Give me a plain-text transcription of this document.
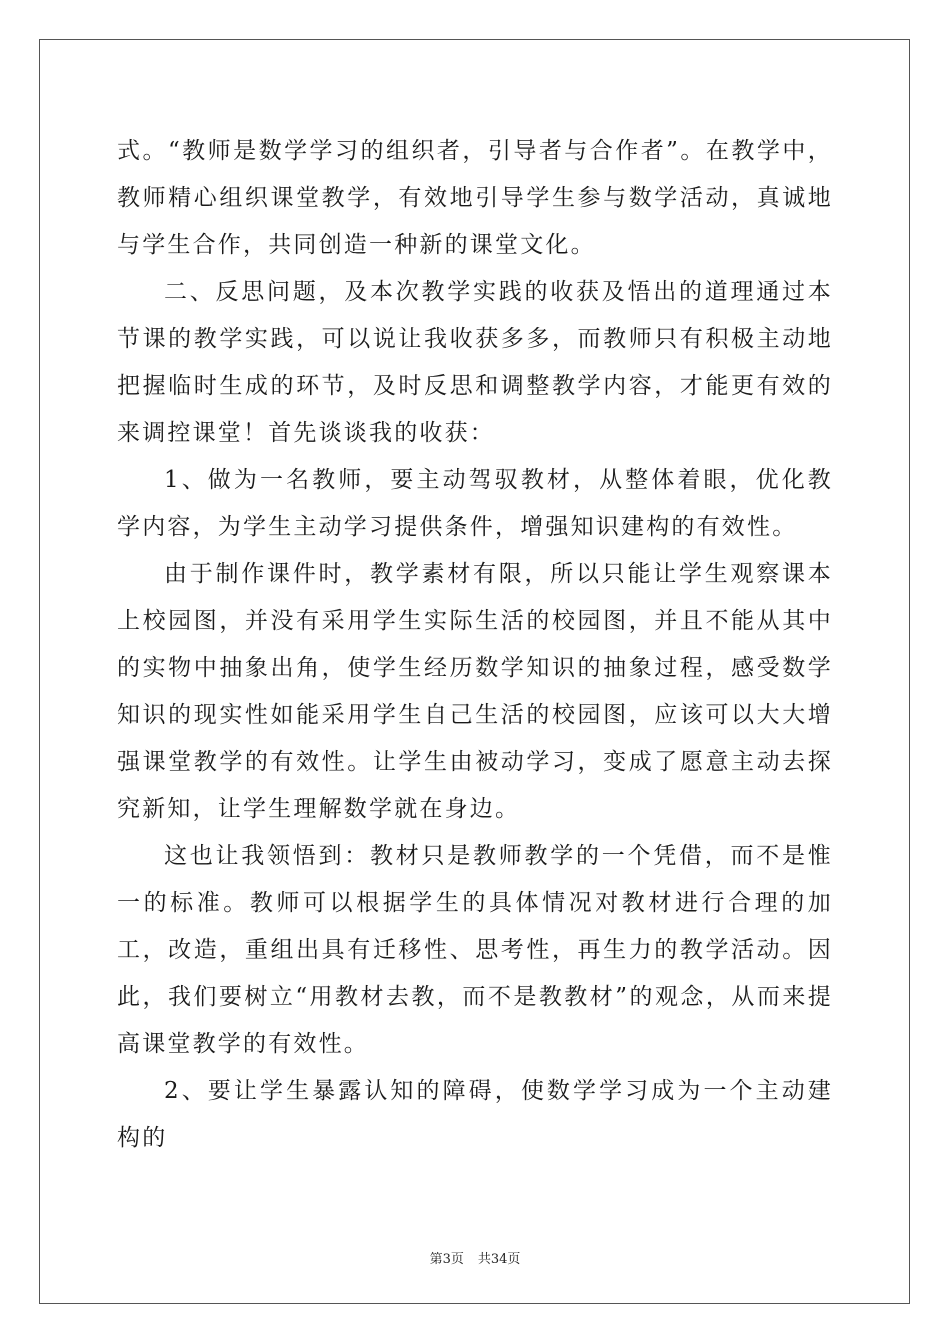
式。“教师是数学学习的组织者，引导者与合作者”。在教学中，教师精心组织课堂教学，有效地引导学生参与数学活动，真诚地与学生合作，共同创造一种新的课堂文化。

二、反思问题，及本次教学实践的收获及悟出的道理通过本节课的教学实践，可以说让我收获多多，而教师只有积极主动地把握临时生成的环节，及时反思和调整教学内容，才能更有效的来调控课堂！首先谈谈我的收获：

1、做为一名教师，要主动驾驭教材，从整体着眼，优化教学内容，为学生主动学习提供条件，增强知识建构的有效性。

由于制作课件时，教学素材有限，所以只能让学生观察课本上校园图，并没有采用学生实际生活的校园图，并且不能从其中的实物中抽象出角，使学生经历数学知识的抽象过程，感受数学知识的现实性如能采用学生自己生活的校园图，应该可以大大增强课堂教学的有效性。让学生由被动学习，变成了愿意主动去探究新知，让学生理解数学就在身边。

这也让我领悟到：教材只是教师教学的一个凭借，而不是惟一的标准。教师可以根据学生的具体情况对教材进行合理的加工，改造，重组出具有迁移性、思考性，再生力的教学活动。因此，我们要树立“用教材去教，而不是教教材”的观念，从而来提高课堂教学的有效性。

2、要让学生暴露认知的障碍，使数学学习成为一个主动建构的

第3页 共34页
